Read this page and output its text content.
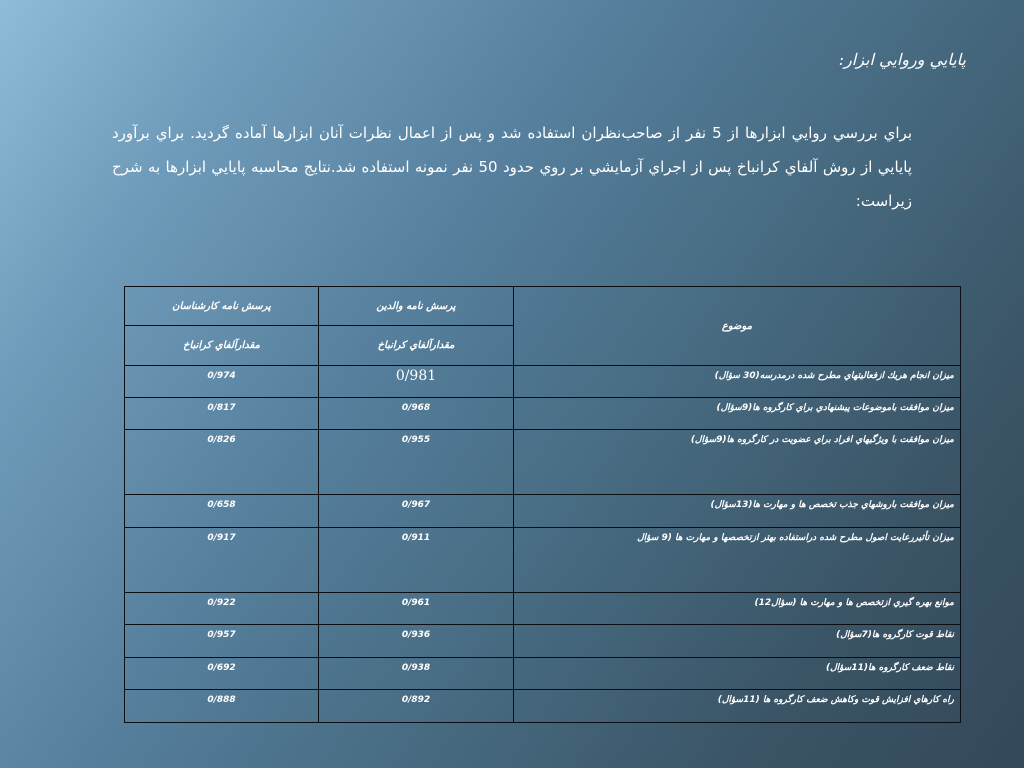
پايايي وروايي ابزار:
براي بررسي روايي ابزارها از 5 نفر از صاحب‌نظران استفاده شد و پس از اعمال نظرات آنان ابزارها آماده گرديد. براي برآورد پايايي از روش آلفاي كرانباخ پس از اجراي آزمايشي بر روي حدود 50 نفر نمونه استفاده شد.نتايج محاسبه پايايي ابزارها به شرح زيراست:
موضوع	پرسش نامه والدين	پرسش نامه كارشناسان
	مقدارآلفاي كرانباخ	مقدارآلفاي كرانباخ
ميزان انجام هريك ازفعاليتهاي مطرح شده درمدرسه(30 سؤال)	0/981	0/974
ميزان موافقت باموضوعات پيشنهادي براي كارگروه ها(9سؤال)	0/968	0/817
ميزان موافقت با ويژگيهاي افراد براي عضويت در كارگروه ها(9سؤال)	0/955	0/826
ميزان موافقت باروشهاي جذب تخصص ها و مهارت ها(13سؤال)	0/967	0/658
ميزان تأثيررعايت اصول مطرح شده دراستفاده بهتر ازتخصصها و مهارت ها (9 سؤال	0/911	0/917
موانع بهره گيري ازتخصص ها و مهارت ها (سؤال12)	0/961	0/922
نقاط قوت كارگروه ها(7سؤال)	0/936	0/957
نقاط ضعف كارگروه ها(11سؤال)	0/938	0/692
راه كارهاي افزايش قوت وكاهش ضعف كارگروه ها (11سؤال)	0/892	0/888
